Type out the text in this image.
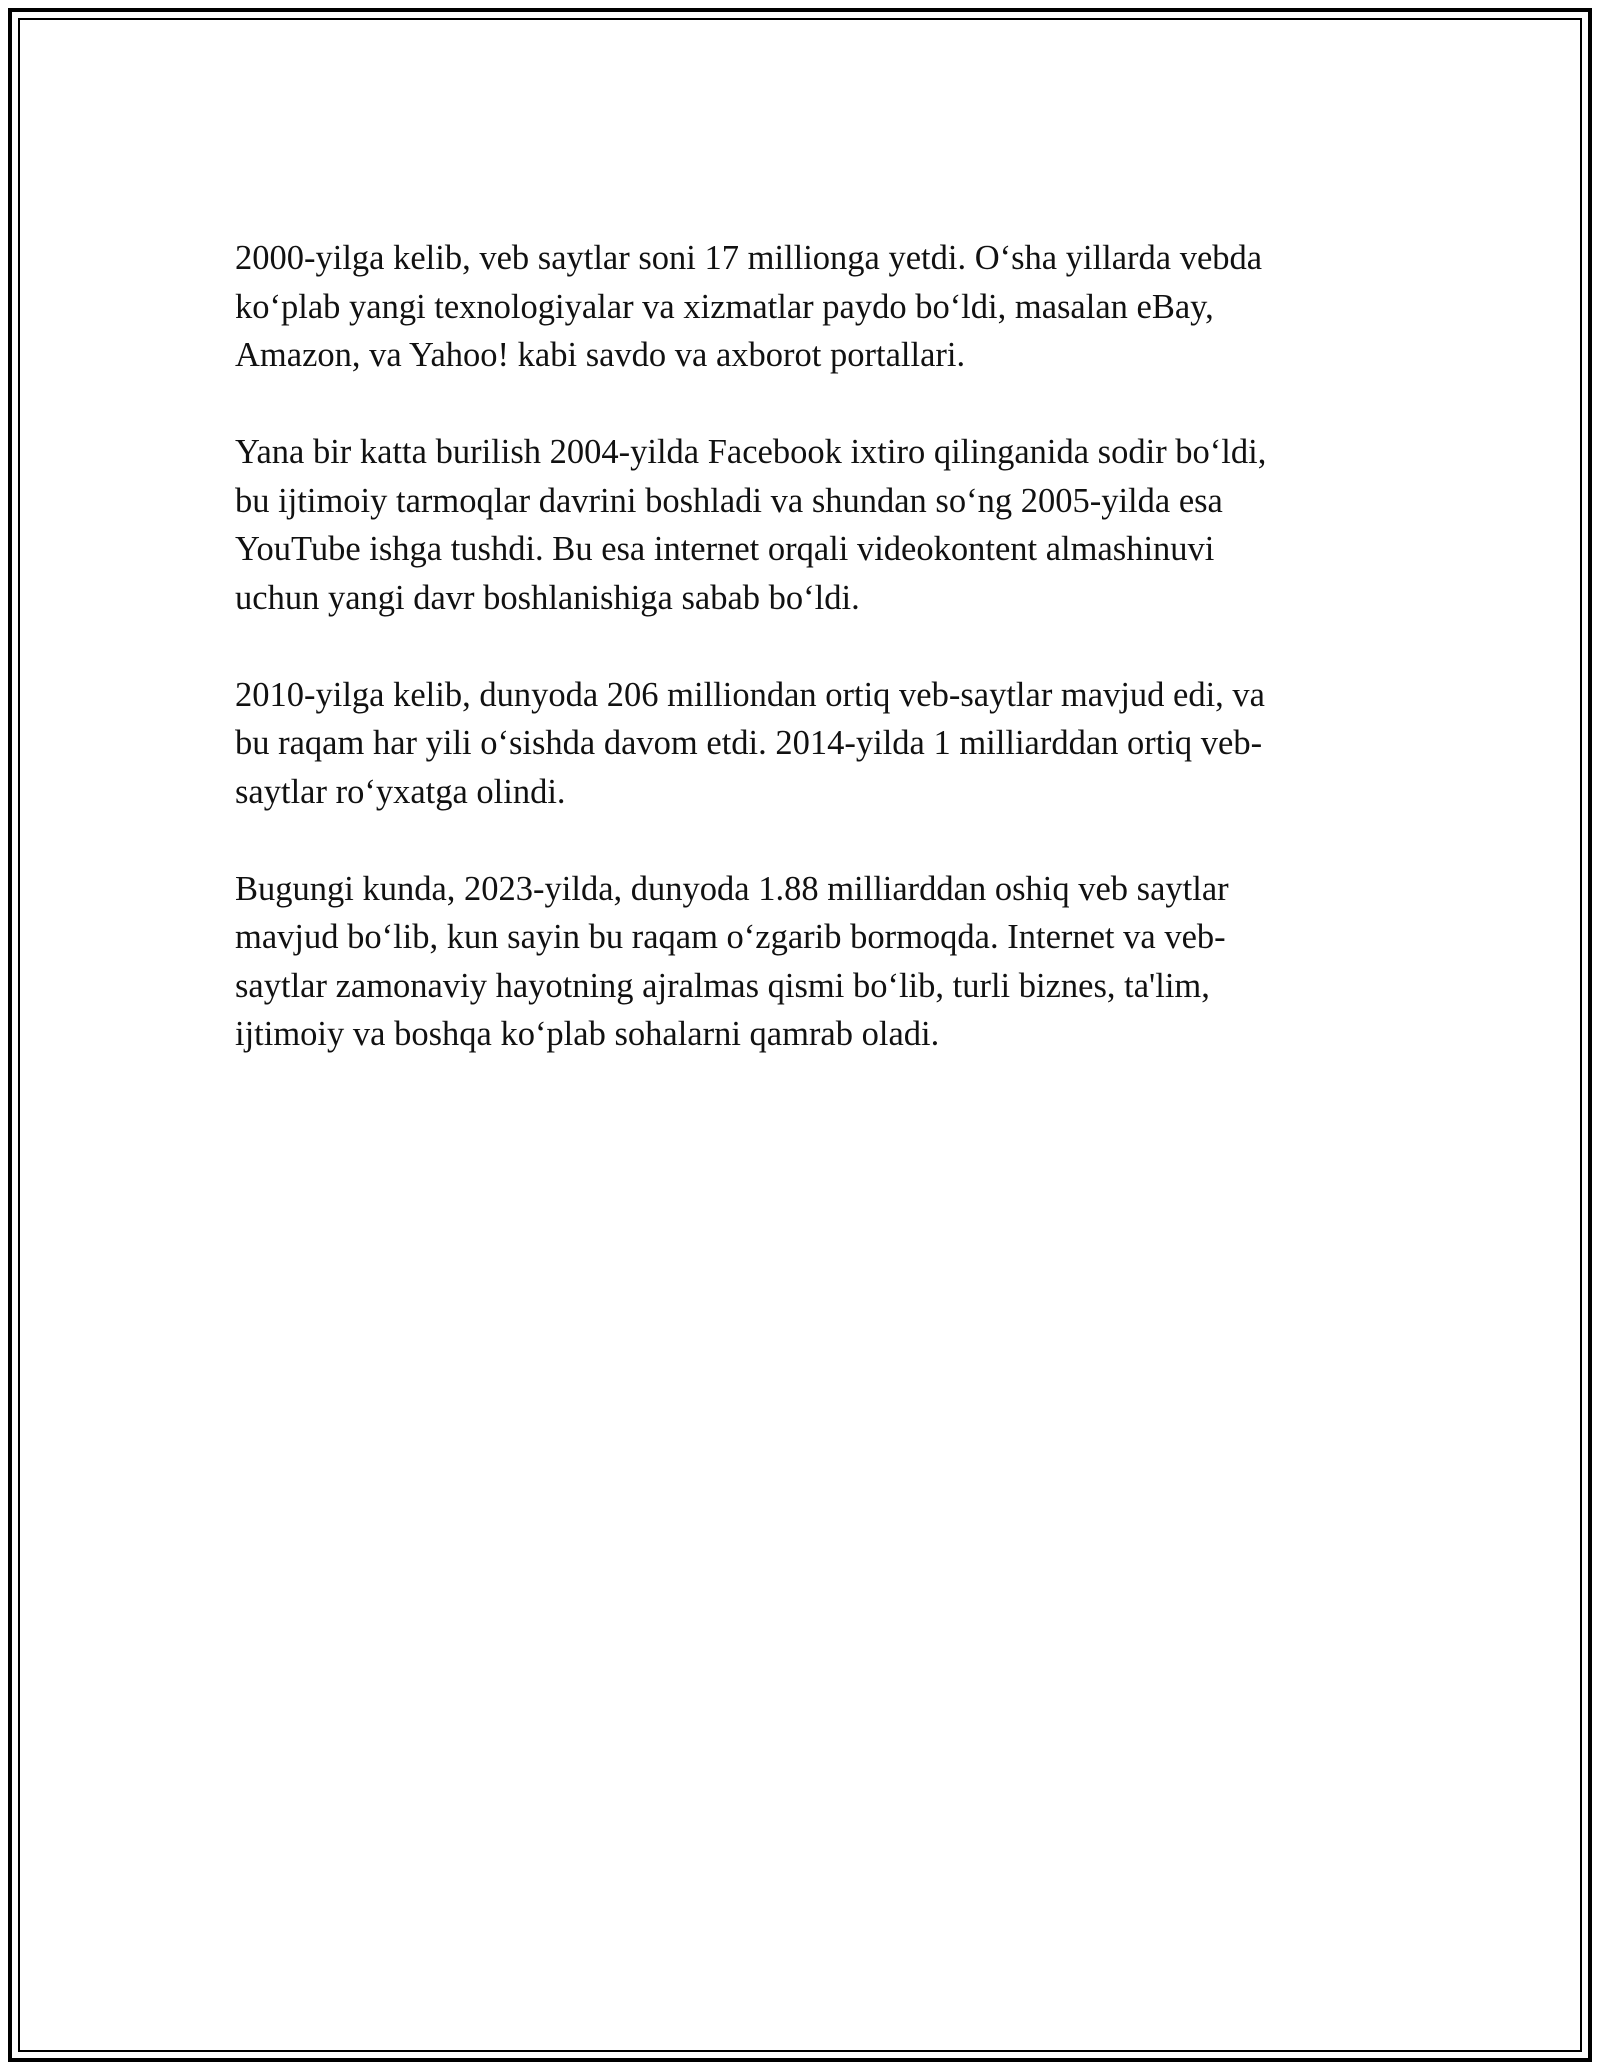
2000-yilga kelib, veb saytlar soni 17 millionga yetdi. O‘sha yillarda vebda
ko‘plab yangi texnologiyalar va xizmatlar paydo bo‘ldi, masalan eBay,
Amazon, va Yahoo! kabi savdo va axborot portallari.

Yana bir katta burilish 2004-yilda Facebook ixtiro qilinganida sodir bo‘ldi,
bu ijtimoiy tarmoqlar davrini boshladi va shundan so‘ng 2005-yilda esa
YouTube ishga tushdi. Bu esa internet orqali videokontent almashinuvi
uchun yangi davr boshlanishiga sabab bo‘ldi.

2010-yilga kelib, dunyoda 206 milliondan ortiq veb-saytlar mavjud edi, va
bu raqam har yili o‘sishda davom etdi. 2014-yilda 1 milliarddan ortiq veb-
saytlar ro‘yxatga olindi.

Bugungi kunda, 2023-yilda, dunyoda 1.88 milliarddan oshiq veb saytlar
mavjud bo‘lib, kun sayin bu raqam o‘zgarib bormoqda. Internet va veb-
saytlar zamonaviy hayotning ajralmas qismi bo‘lib, turli biznes, ta'lim,
ijtimoiy va boshqa ko‘plab sohalarni qamrab oladi.
